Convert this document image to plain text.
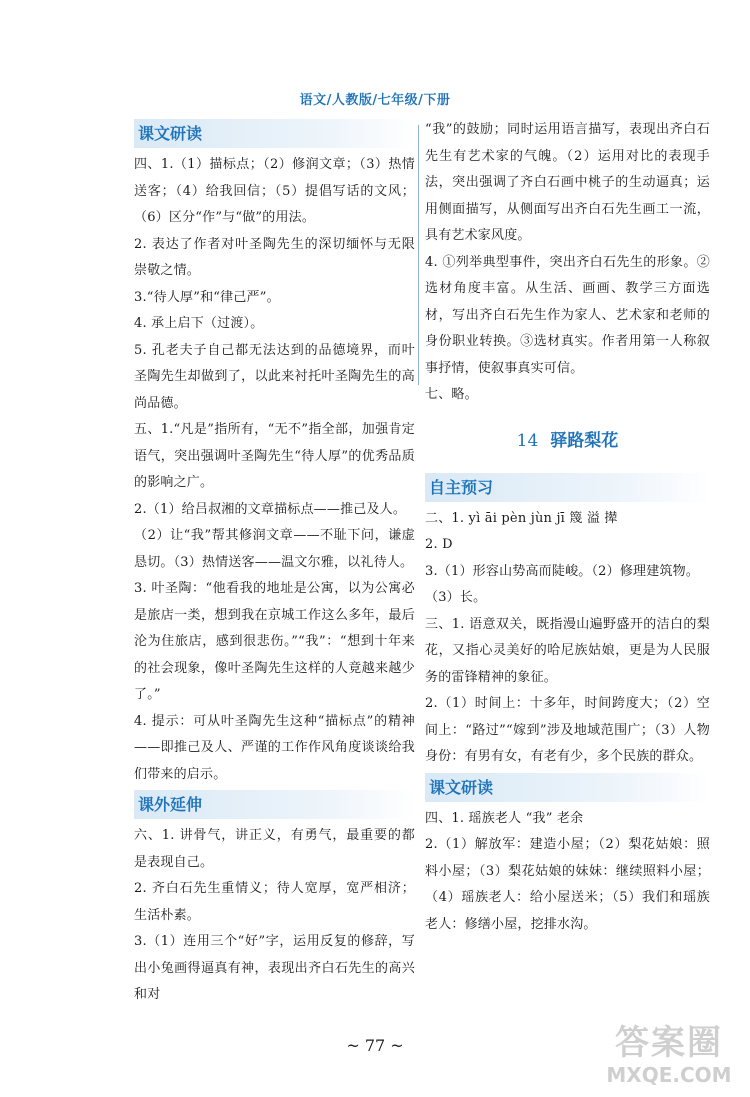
语文/人教版/七年级/下册
课文研读

四、1.（1）描标点；（2）修润文章；（3）热情送客；（4）给我回信；（5）提倡写话的文风；（6）区分“作”与“做”的用法。

2. 表达了作者对叶圣陶先生的深切缅怀与无限崇敬之情。

3.“待人厚”和“律己严”。

4. 承上启下（过渡）。

5. 孔老夫子自己都无法达到的品德境界，而叶圣陶先生却做到了，以此来衬托叶圣陶先生的高尚品德。

五、1.“凡是”指所有，“无不”指全部，加强肯定语气，突出强调叶圣陶先生“待人厚”的优秀品质的影响之广。

2.（1）给吕叔湘的文章描标点——推己及人。

（2）让“我”帮其修润文章——不耻下问，谦虚恳切。（3）热情送客——温文尔雅，以礼待人。

3. 叶圣陶：“他看我的地址是公寓，以为公寓必是旅店一类，想到我在京城工作这么多年，最后沦为住旅店，感到很悲伤。”“我”：“想到十年来的社会现象，像叶圣陶先生这样的人竟越来越少了。”

4. 提示：可从叶圣陶先生这种“描标点”的精神——即推己及人、严谨的工作作风角度谈谈给我们带来的启示。

课外延伸

六、1. 讲骨气，讲正义，有勇气，最重要的都是表现自己。

2. 齐白石先生重情义；待人宽厚，宽严相济；生活朴素。

3.（1）连用三个“好”字，运用反复的修辞，写出小兔画得逼真有神，表现出齐白石先生的高兴和对

“我”的鼓励；同时运用语言描写，表现出齐白石先生有艺术家的气魄。（2）运用对比的表现手法，突出强调了齐白石画中桃子的生动逼真；运用侧面描写，从侧面写出齐白石先生画工一流，具有艺术家风度。

4. ①列举典型事件，突出齐白石先生的形象。②选材角度丰富。从生活、画画、教学三方面选材，写出齐白石先生作为家人、艺术家和老师的身份职业转换。③选材真实。作者用第一人称叙事抒情，使叙事真实可信。

七、略。

14 驿路梨花
自主预习

二、1. yì āi pèn jùn jī 篾 溢 撵

2. D

3.（1）形容山势高而陡峻。（2）修理建筑物。

（3）长。

三、1. 语意双关，既指漫山遍野盛开的洁白的梨花，又指心灵美好的哈尼族姑娘，更是为人民服务的雷锋精神的象征。

2.（1）时间上：十多年，时间跨度大；（2）空间上：“路过”“嫁到”涉及地域范围广；（3）人物身份：有男有女，有老有少，多个民族的群众。

课文研读

四、1. 瑶族老人 “我” 老余

2.（1）解放军：建造小屋；（2）梨花姑娘：照料小屋；（3）梨花姑娘的妹妹：继续照料小屋；（4）瑶族老人：给小屋送米；（5）我们和瑶族老人：修缮小屋，挖排水沟。

~ 77 ~	答案圈
MXQE.COM
